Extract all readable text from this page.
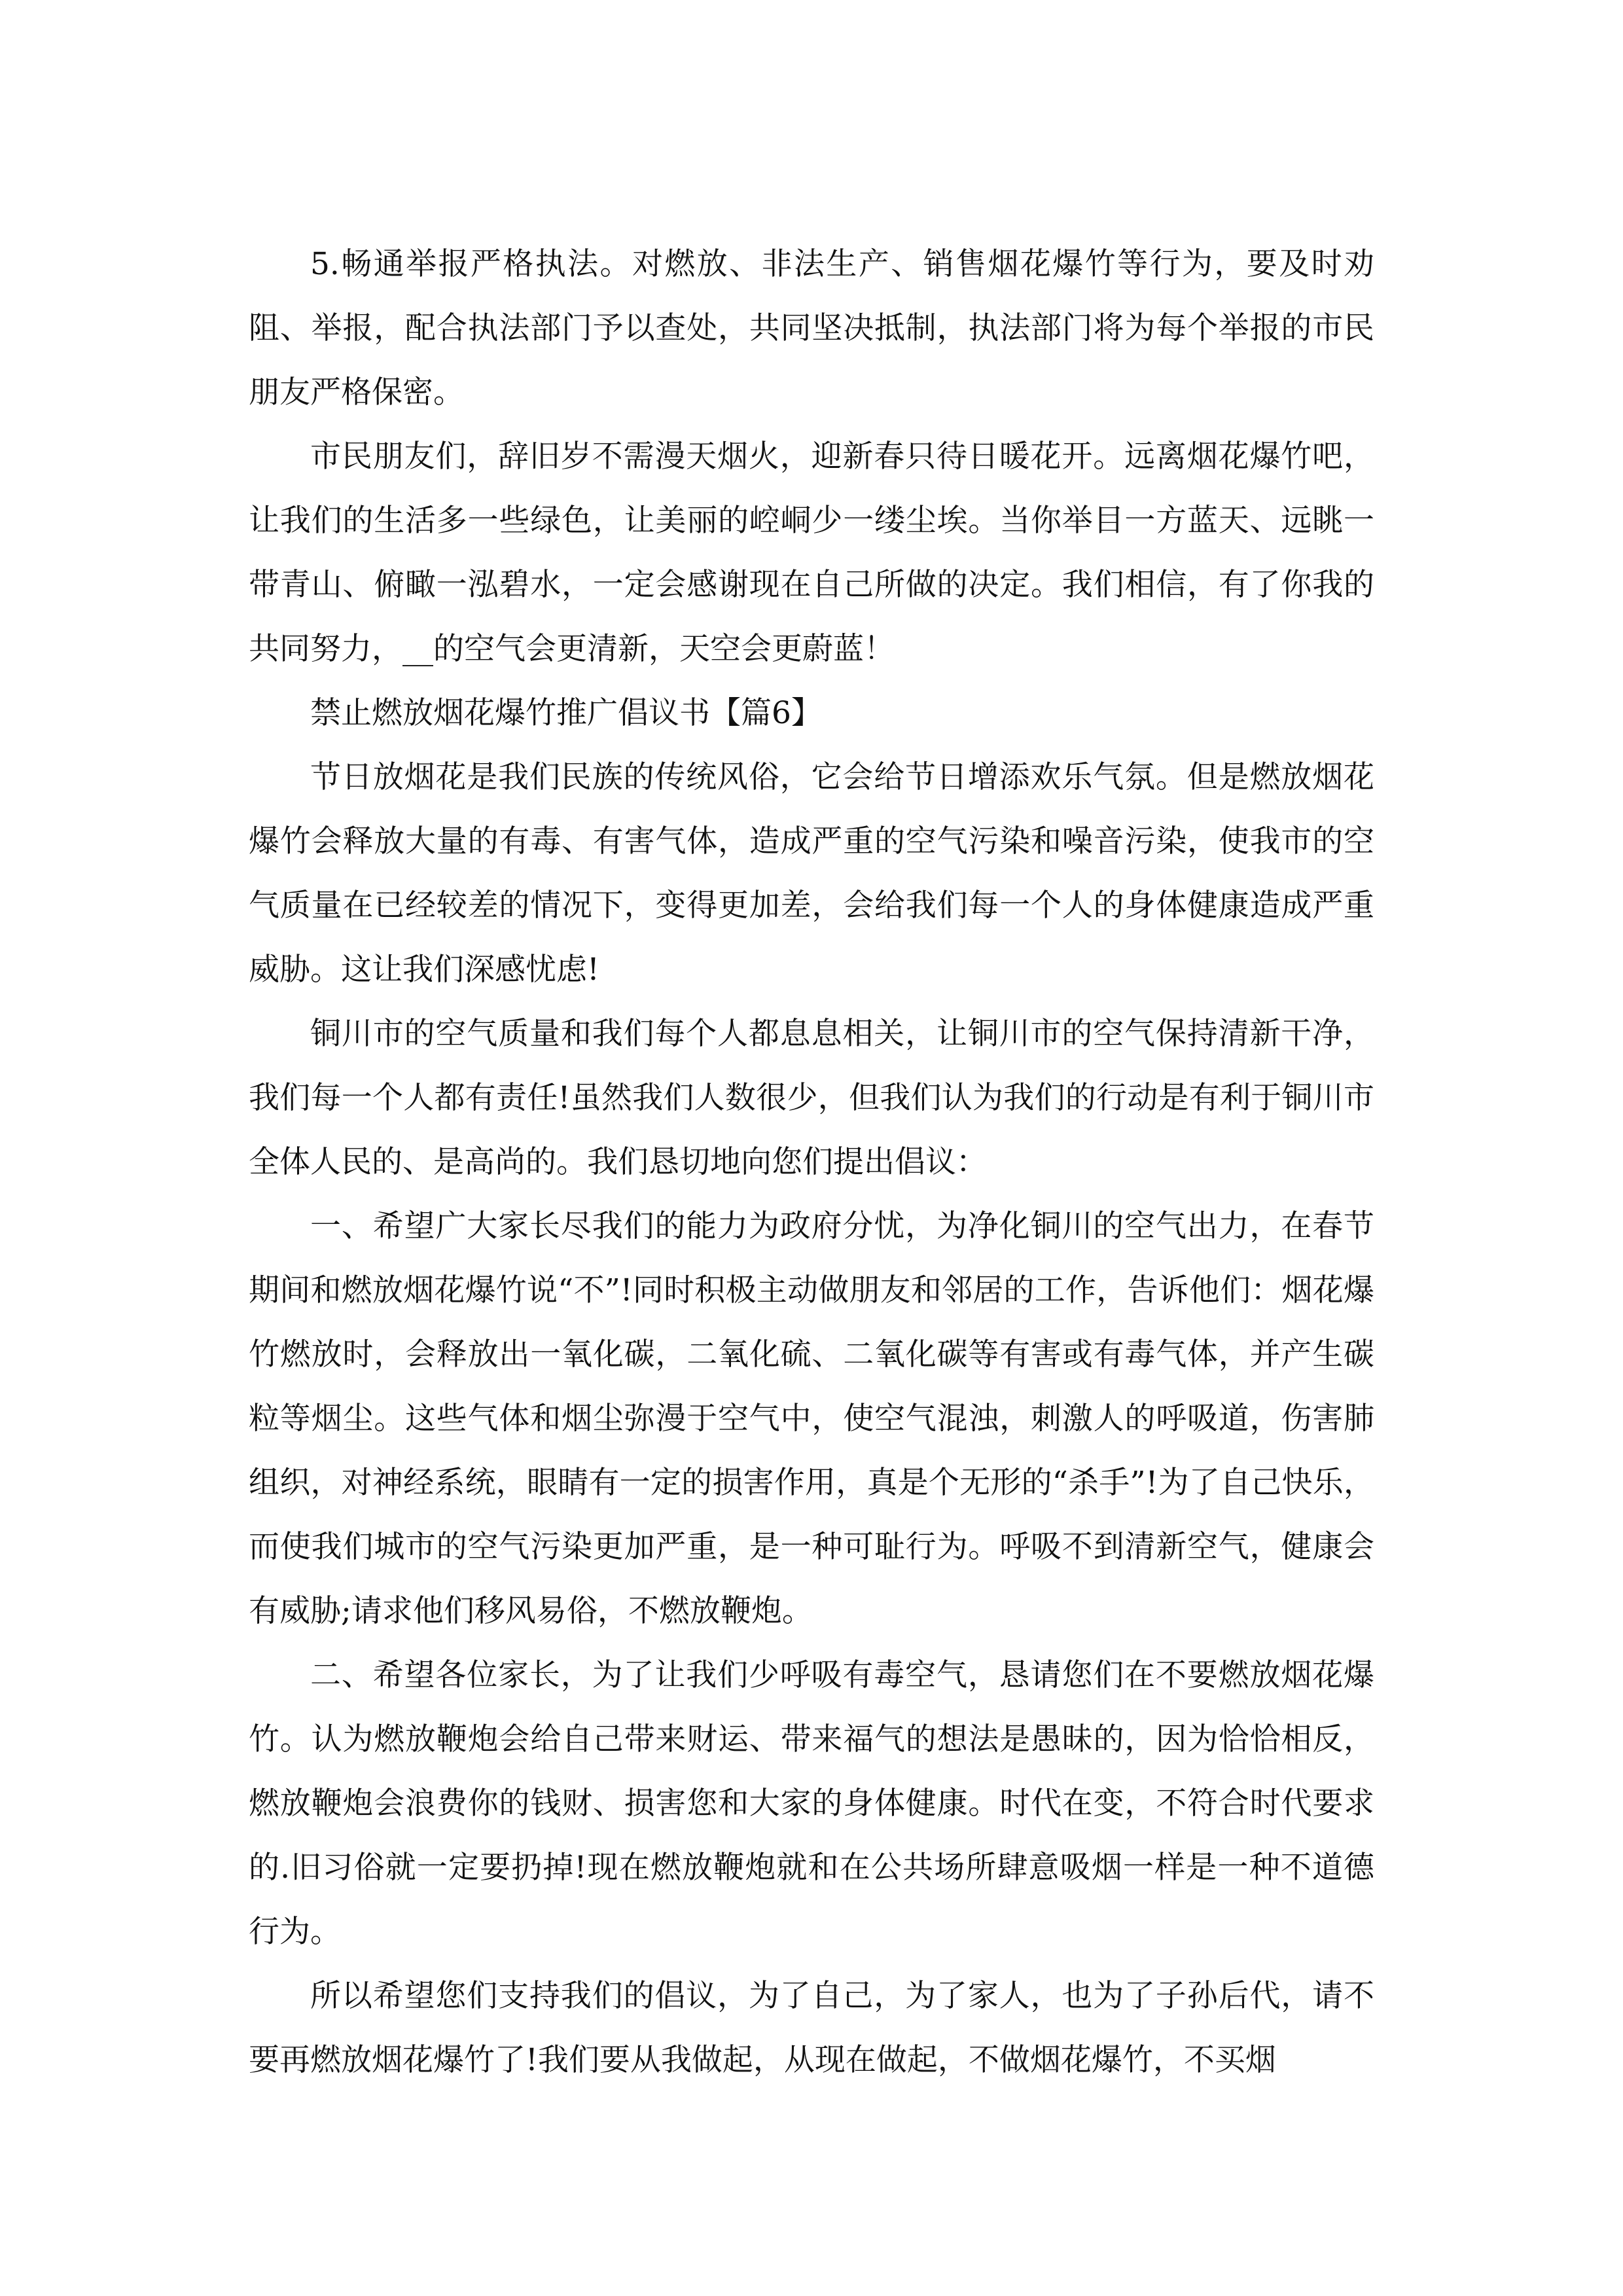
5.畅通举报严格执法。对燃放、非法生产、销售烟花爆竹等行为，要及时劝阻、举报，配合执法部门予以查处，共同坚决抵制，执法部门将为每个举报的市民朋友严格保密。

市民朋友们，辞旧岁不需漫天烟火，迎新春只待日暖花开。远离烟花爆竹吧，让我们的生活多一些绿色，让美丽的崆峒少一缕尘埃。当你举目一方蓝天、远眺一带青山、俯瞰一泓碧水，一定会感谢现在自己所做的决定。我们相信，有了你我的共同努力，__的空气会更清新，天空会更蔚蓝！

禁止燃放烟花爆竹推广倡议书【篇6】

节日放烟花是我们民族的传统风俗，它会给节日增添欢乐气氛。但是燃放烟花爆竹会释放大量的有毒、有害气体，造成严重的空气污染和噪音污染，使我市的空气质量在已经较差的情况下，变得更加差，会给我们每一个人的身体健康造成严重威胁。这让我们深感忧虑!

铜川市的空气质量和我们每个人都息息相关，让铜川市的空气保持清新干净，我们每一个人都有责任!虽然我们人数很少，但我们认为我们的行动是有利于铜川市全体人民的、是高尚的。我们恳切地向您们提出倡议：

一、希望广大家长尽我们的能力为政府分忧，为净化铜川的空气出力，在春节期间和燃放烟花爆竹说“不”!同时积极主动做朋友和邻居的工作，告诉他们：烟花爆竹燃放时，会释放出一氧化碳，二氧化硫、二氧化碳等有害或有毒气体，并产生碳粒等烟尘。这些气体和烟尘弥漫于空气中，使空气混浊，刺激人的呼吸道，伤害肺组织，对神经系统，眼睛有一定的损害作用，真是个无形的“杀手”!为了自己快乐，而使我们城市的空气污染更加严重，是一种可耻行为。呼吸不到清新空气，健康会有威胁;请求他们移风易俗，不燃放鞭炮。

二、希望各位家长，为了让我们少呼吸有毒空气，恳请您们在不要燃放烟花爆竹。认为燃放鞭炮会给自己带来财运、带来福气的想法是愚昧的，因为恰恰相反，燃放鞭炮会浪费你的钱财、损害您和大家的身体健康。时代在变，不符合时代要求的.旧习俗就一定要扔掉!现在燃放鞭炮就和在公共场所肆意吸烟一样是一种不道德行为。

所以希望您们支持我们的倡议，为了自己，为了家人，也为了子孙后代，请不要再燃放烟花爆竹了!我们要从我做起，从现在做起，不做烟花爆竹，不买烟
